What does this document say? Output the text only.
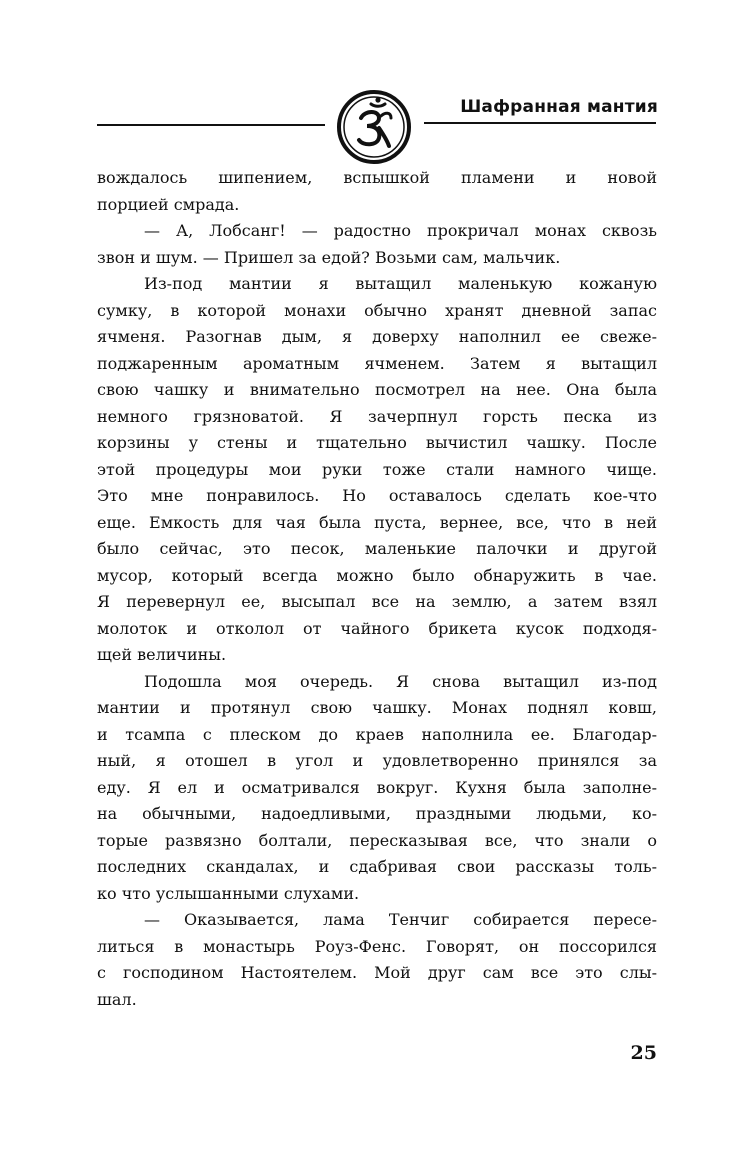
Шафранная мантия
вождалось шипением, вспышкой пламени и новой
порцией смрада.
— А, Лобсанг! — радостно прокричал монах сквозь
звон и шум. — Пришел за едой? Возьми сам, мальчик.
Из-под мантии я вытащил маленькую кожаную
сумку, в которой монахи обычно хранят дневной запас
ячменя. Разогнав дым, я доверху наполнил ее свеже-
поджаренным ароматным ячменем. Затем я вытащил
свою чашку и внимательно посмотрел на нее. Она была
немного грязноватой. Я зачерпнул горсть песка из
корзины у стены и тщательно вычистил чашку. После
этой процедуры мои руки тоже стали намного чище.
Это мне понравилось. Но оставалось сделать кое-что
еще. Емкость для чая была пуста, вернее, все, что в ней
было сейчас, это песок, маленькие палочки и другой
мусор, который всегда можно было обнаружить в чае.
Я перевернул ее, высыпал все на землю, а затем взял
молоток и отколол от чайного брикета кусок подходя-
щей величины.
Подошла моя очередь. Я снова вытащил из-под
мантии и протянул свою чашку. Монах поднял ковш,
и тсампа с плеском до краев наполнила ее. Благодар-
ный, я отошел в угол и удовлетворенно принялся за
еду. Я ел и осматривался вокруг. Кухня была заполне-
на обычными, надоедливыми, праздными людьми, ко-
торые развязно болтали, пересказывая все, что знали о
последних скандалах, и сдабривая свои рассказы толь-
ко что услышанными слухами.
— Оказывается, лама Тенчиг собирается пересе-
литься в монастырь Роуз-Фенс. Говорят, он поссорился
с господином Настоятелем. Мой друг сам все это слы-
шал.
25
